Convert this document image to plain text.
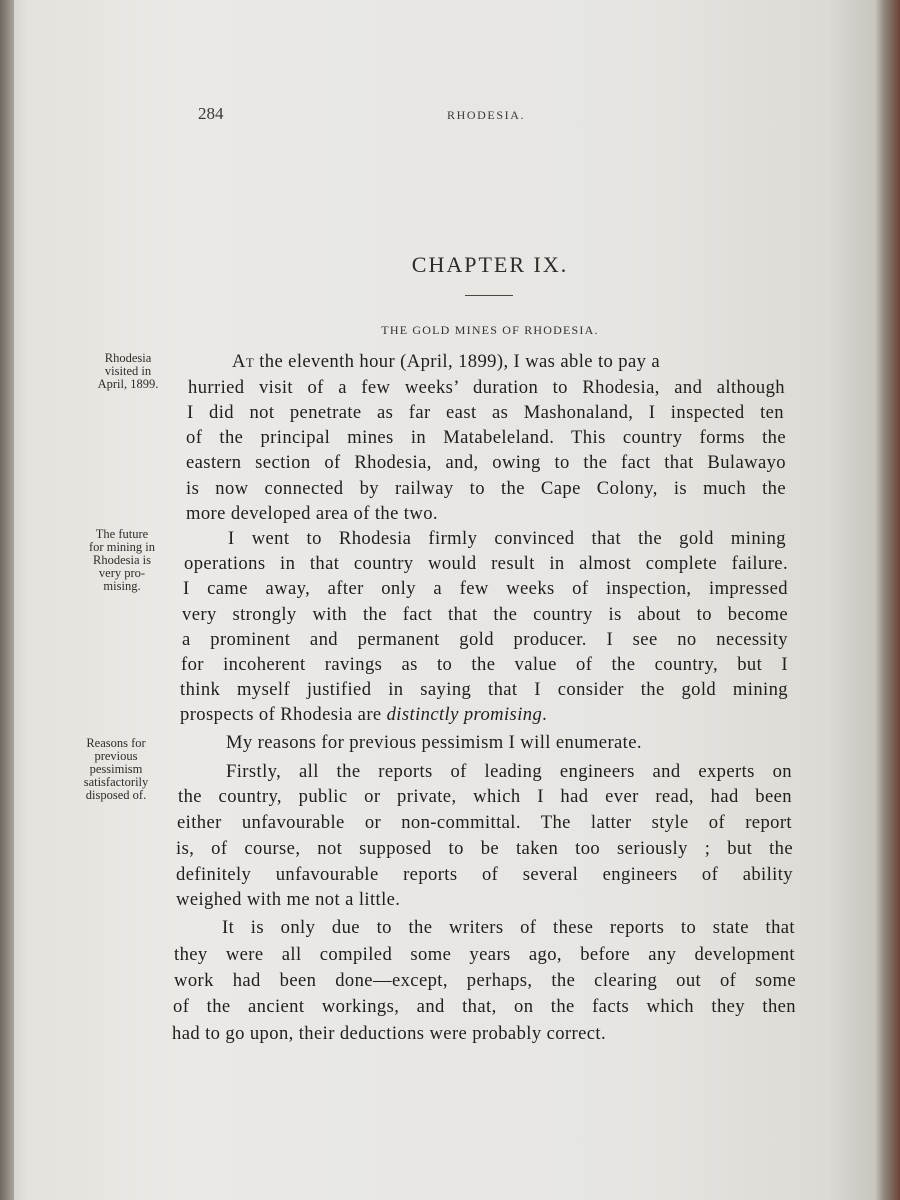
284	RHODESIA.
CHAPTER IX.
THE GOLD MINES OF RHODESIA.
Rhodesia
visited in
April, 1899.
The future
for mining in
Rhodesia is
very pro-
mising.
Reasons for
previous
pessimism
satisfactorily
disposed of.
At the eleventh hour (April, 1899), I was able to pay a
hurried visit of a few weeks’ duration to Rhodesia, and although
I did not penetrate as far east as Mashonaland, I inspected ten
of the principal mines in Matabeleland. This country forms the
eastern section of Rhodesia, and, owing to the fact that Bulawayo
is now connected by railway to the Cape Colony, is much the
more developed area of the two.
I went to Rhodesia firmly convinced that the gold mining
operations in that country would result in almost complete failure.
I came away, after only a few weeks of inspection, impressed
very strongly with the fact that the country is about to become
a prominent and permanent gold producer. I see no necessity
for incoherent ravings as to the value of the country, but I
think myself justified in saying that I consider the gold mining
prospects of Rhodesia are distinctly promising.
My reasons for previous pessimism I will enumerate.
Firstly, all the reports of leading engineers and experts on
the country, public or private, which I had ever read, had been
either unfavourable or non-committal. The latter style of report
is, of course, not supposed to be taken too seriously ; but the
definitely unfavourable reports of several engineers of ability
weighed with me not a little.
It is only due to the writers of these reports to state that
they were all compiled some years ago, before any development
work had been done—except, perhaps, the clearing out of some
of the ancient workings, and that, on the facts which they then
had to go upon, their deductions were probably correct.
